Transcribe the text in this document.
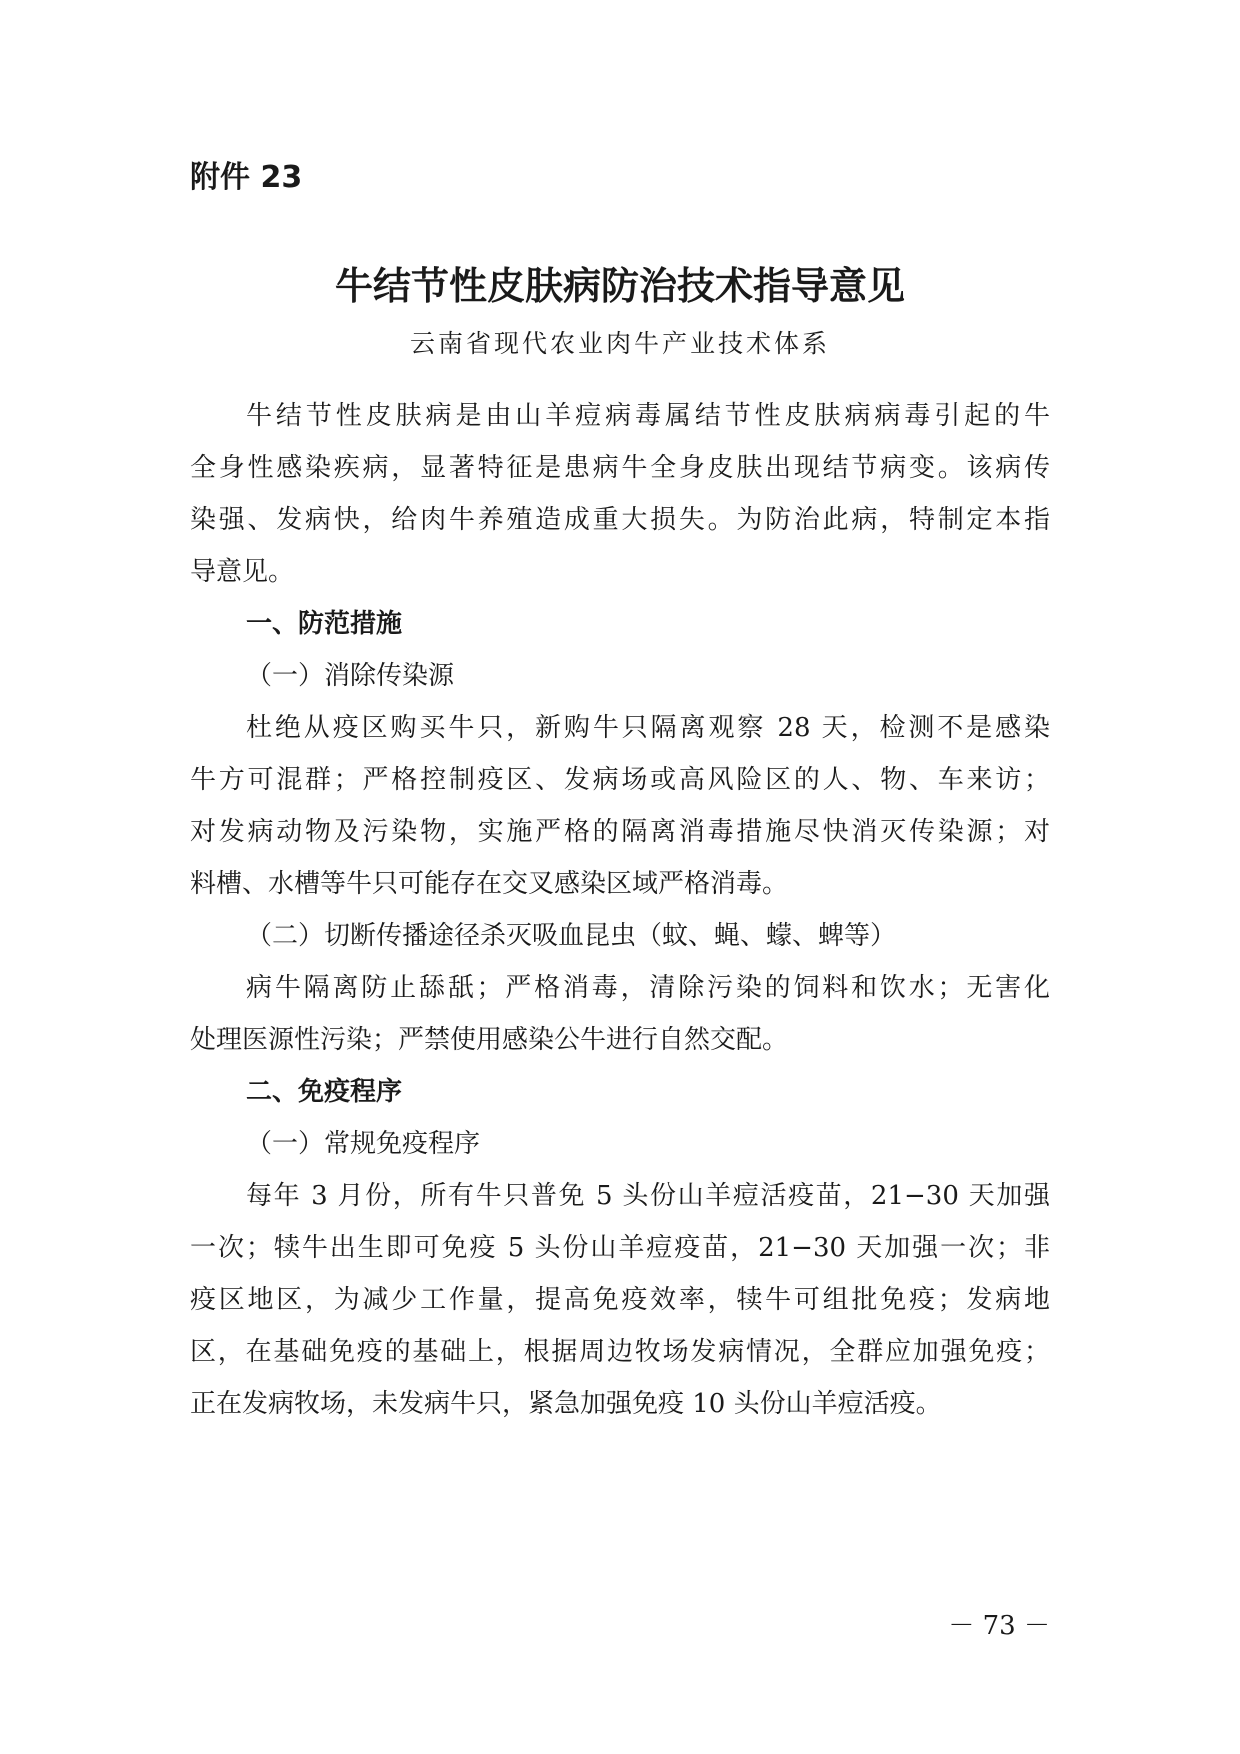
附件 23
牛结节性皮肤病防治技术指导意见
云南省现代农业肉牛产业技术体系
牛结节性皮肤病是由山羊痘病毒属结节性皮肤病病毒引起的牛
全身性感染疾病，显著特征是患病牛全身皮肤出现结节病变。该病传
染强、发病快，给肉牛养殖造成重大损失。为防治此病，特制定本指
导意见。
一、防范措施
（一）消除传染源
杜绝从疫区购买牛只，新购牛只隔离观察 28 天，检测不是感染
牛方可混群；严格控制疫区、发病场或高风险区的人、物、车来访；
对发病动物及污染物，实施严格的隔离消毒措施尽快消灭传染源；对
料槽、水槽等牛只可能存在交叉感染区域严格消毒。
（二）切断传播途径杀灭吸血昆虫（蚊、蝇、蠓、蜱等）
病牛隔离防止舔舐；严格消毒，清除污染的饲料和饮水；无害化
处理医源性污染；严禁使用感染公牛进行自然交配。
二、免疫程序
（一）常规免疫程序
每年 3 月份，所有牛只普免 5 头份山羊痘活疫苗，21−30 天加强
一次；犊牛出生即可免疫 5 头份山羊痘疫苗，21−30 天加强一次；非
疫区地区，为减少工作量，提高免疫效率，犊牛可组批免疫；发病地
区，在基础免疫的基础上，根据周边牧场发病情况，全群应加强免疫；
正在发病牧场，未发病牛只，紧急加强免疫 10 头份山羊痘活疫。
－ 73 －
